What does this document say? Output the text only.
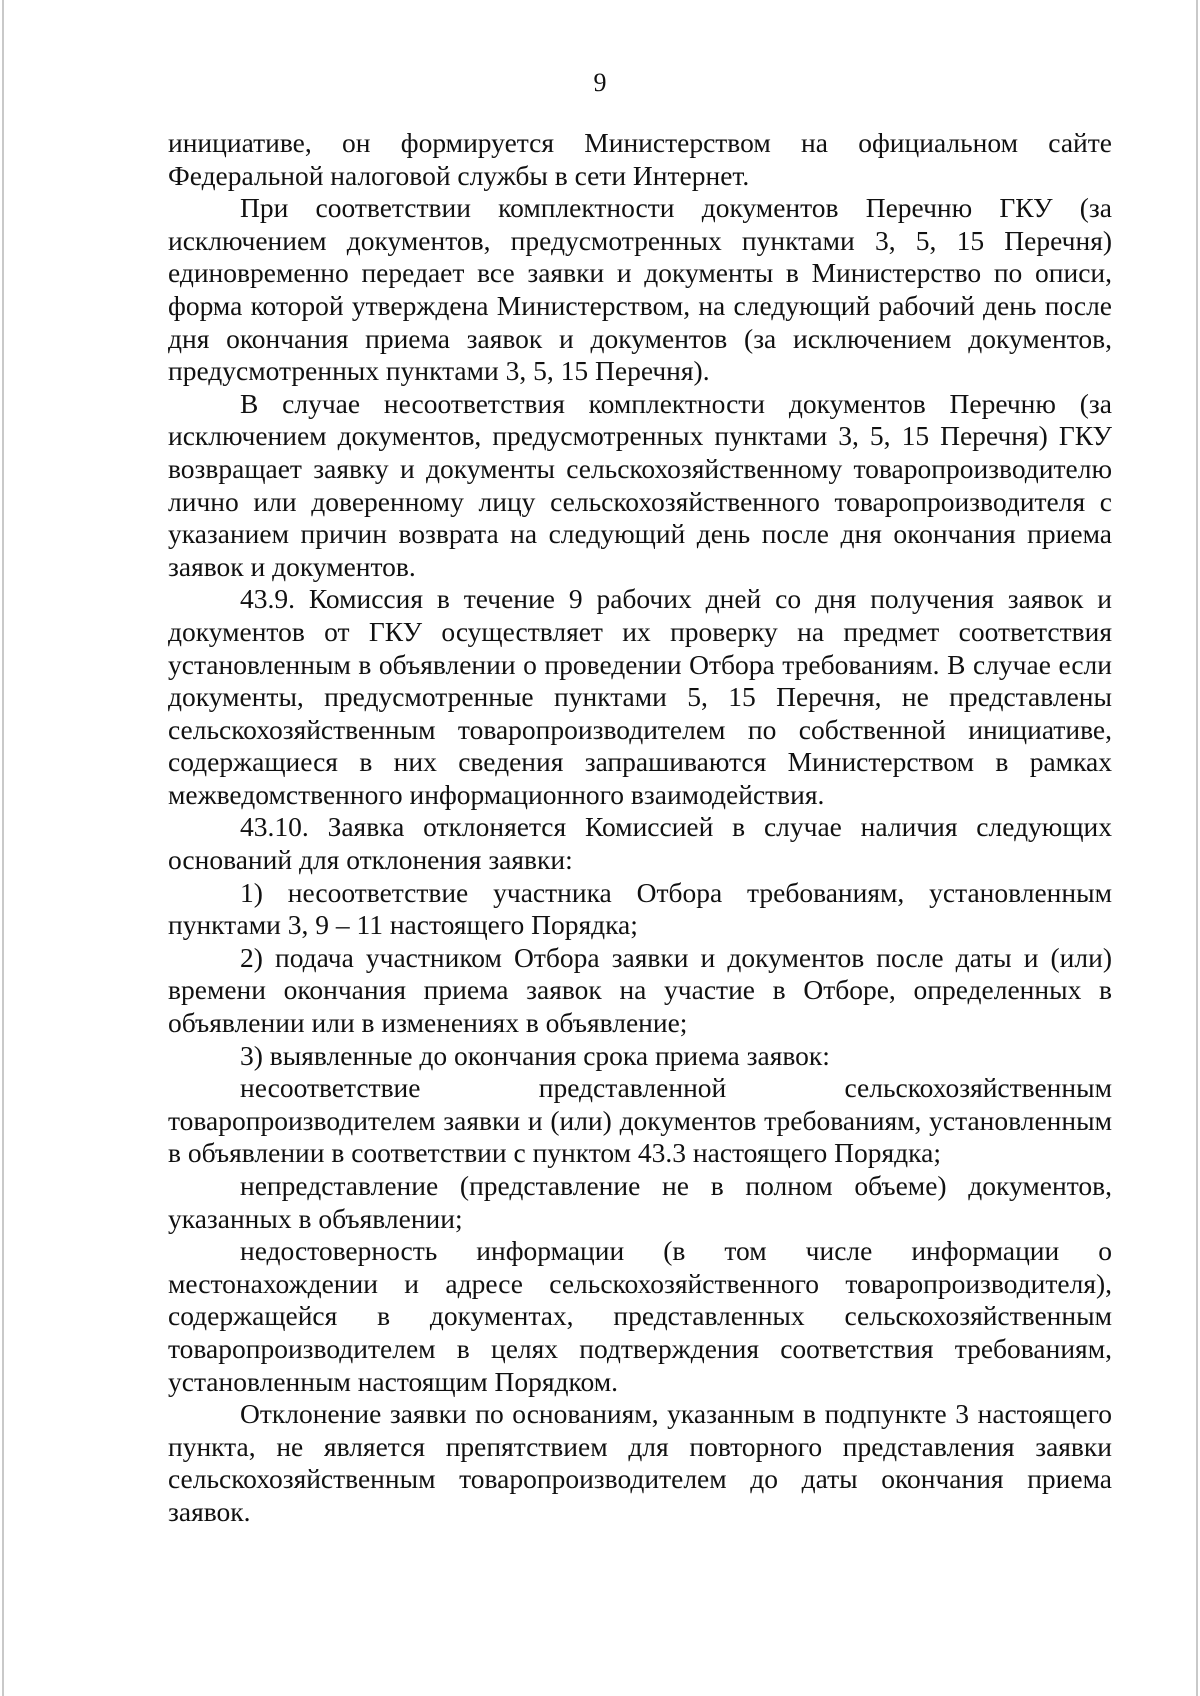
9

инициативе, он формируется Министерством на официальном сайте Федеральной налоговой службы в сети Интернет.

При соответствии комплектности документов Перечню ГКУ (за исключением документов, предусмотренных пунктами 3, 5, 15 Перечня) единовременно передает все заявки и документы в Министерство по описи, форма которой утверждена Министерством, на следующий рабочий день после дня окончания приема заявок и документов (за исключением документов, предусмотренных пунктами 3, 5, 15 Перечня).

В случае несоответствия комплектности документов Перечню (за исключением документов, предусмотренных пунктами 3, 5, 15 Перечня) ГКУ возвращает заявку и документы сельскохозяйственному товаропроизводителю лично или доверенному лицу сельскохозяйственного товаропроизводителя с указанием причин возврата на следующий день после дня окончания приема заявок и документов.

43.9. Комиссия в течение 9 рабочих дней со дня получения заявок и документов от ГКУ осуществляет их проверку на предмет соответствия установленным в объявлении о проведении Отбора требованиям. В случае если документы, предусмотренные пунктами 5, 15 Перечня, не представлены сельскохозяйственным товаропроизводителем по собственной инициативе, содержащиеся в них сведения запрашиваются Министерством в рамках межведомственного информационного взаимодействия.

43.10. Заявка отклоняется Комиссией в случае наличия следующих оснований для отклонения заявки:

1) несоответствие участника Отбора требованиям, установленным пунктами 3, 9 – 11 настоящего Порядка;

2) подача участником Отбора заявки и документов после даты и (или) времени окончания приема заявок на участие в Отборе, определенных в объявлении или в изменениях в объявление;

3) выявленные до окончания срока приема заявок:

несоответствие представленной сельскохозяйственным товаропроизводителем заявки и (или) документов требованиям, установленным в объявлении в соответствии с пунктом 43.3 настоящего Порядка;

непредставление (представление не в полном объеме) документов, указанных в объявлении;

недостоверность информации (в том числе информации о местонахождении и адресе сельскохозяйственного товаропроизводителя), содержащейся в документах, представленных сельскохозяйственным товаропроизводителем в целях подтверждения соответствия требованиям, установленным настоящим Порядком.

Отклонение заявки по основаниям, указанным в подпункте 3 настоящего пункта, не является препятствием для повторного представления заявки сельскохозяйственным товаропроизводителем до даты окончания приема заявок.
